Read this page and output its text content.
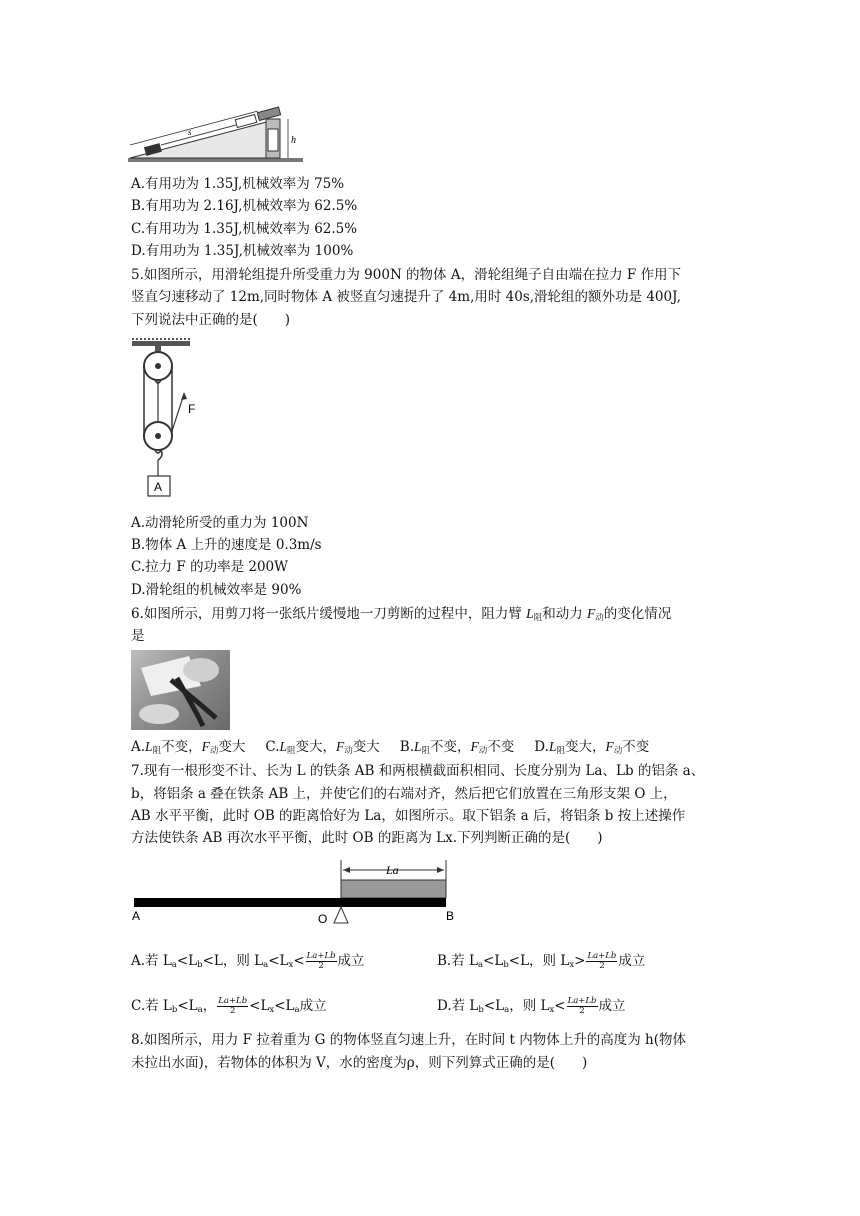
s
h
A.有用功为 1.35J,机械效率为 75%
B.有用功为 2.16J,机械效率为 62.5%
C.有用功为 1.35J,机械效率为 62.5%
D.有用功为 1.35J,机械效率为 100%
5.如图所示，用滑轮组提升所受重力为 900N 的物体 A，滑轮组绳子自由端在拉力 F 作用下
竖直匀速移动了 12m,同时物体 A 被竖直匀速提升了 4m,用时 40s,滑轮组的额外功是 400J,
下列说法中正确的是(　　)
F
A
A.动滑轮所受的重力为 100N
B.物体 A 上升的速度是 0.3m/s
C.拉力 F 的功率是 200W
D.滑轮组的机械效率是 90%
6.如图所示，用剪刀将一张纸片缓慢地一刀剪断的过程中，阻力臂 $L_阻$和动力 $F_动$的变化情况
是
$A.L_阻$不变，$F_动$变大 $C.L_阻$变大，$F_动$变大 $B.L_阻$不变，$F_动$不变 $D.L_阻$变大，$F_动$不变
7.现有一根形变不计、长为 L 的铁条 AB 和两根横截面积相同、长度分别为 La、Lb 的铝条 a、
b，将铝条 a 叠在铁条 AB 上，并使它们的右端对齐，然后把它们放置在三角形支架 O 上，
AB 水平平衡，此时 OB 的距离恰好为 La，如图所示。取下铝条 a 后，将铝条 b 按上述操作
方法使铁条 AB 再次水平平衡，此时 OB 的距离为 Lx.下列判断正确的是(　　)
La
A	O	B
A.若 $L_a<L_b<L$，则 $L_a<L_x< \frac{La+Lb}{2}$ 成立	B.若 $L_a<L_b<L$，则 $L_x> \frac{La+Lb}{2}$ 成立
C.若 $L_b<L_a$， $\frac{La+Lb}{2} <L_x<L_a$成立	D.若 $L_b<L_a$，则 $L_x< \frac{La+Lb}{2}$ 成立
8.如图所示，用力 F 拉着重为 G 的物体竖直匀速上升，在时间 t 内物体上升的高度为 h(物体
未拉出水面)，若物体的体积为 V，水的密度为ρ，则下列算式正确的是(　　)
